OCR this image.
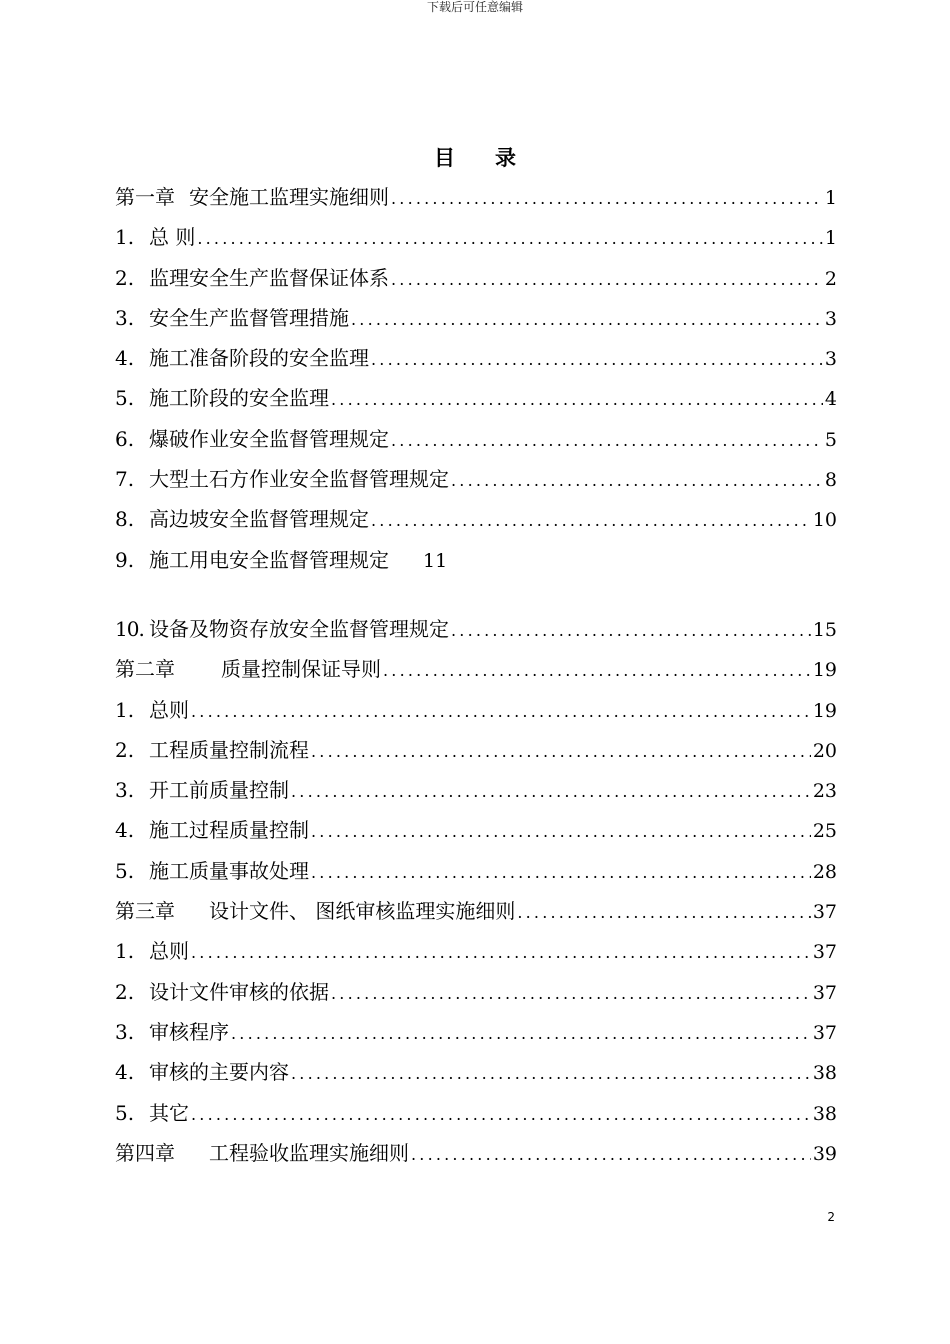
下载后可任意编辑
目录
第一章 安全施工监理实施细则 .....	1
1. 总 则 .....	1
2. 监理安全生产监督保证体系 .....	2
3. 安全生产监督管理措施 .....	3
4. 施工准备阶段的安全监理 .....	3
5. 施工阶段的安全监理 .....	4
6. 爆破作业安全监督管理规定 .....	5
7. 大型土石方作业安全监督管理规定 .....	8
8. 高边坡安全监督管理规定 .....	10
9. 施工用电安全监督管理规定 11
10. 设备及物资存放安全监督管理规定 .....	15
第二章 质量控制保证导则 .....	19
1. 总则 .....	19
2. 工程质量控制流程 .....	20
3. 开工前质量控制 .....	23
4. 施工过程质量控制 .....	25
5. 施工质量事故处理 .....	28
第三章 设计文件、 图纸审核监理实施细则 .....	37
1. 总则 .....	37
2. 设计文件审核的依据 .....	37
3. 审核程序 .....	37
4. 审核的主要内容 .....	38
5. 其它 .....	38
第四章 工程验收监理实施细则 .....	39
2
